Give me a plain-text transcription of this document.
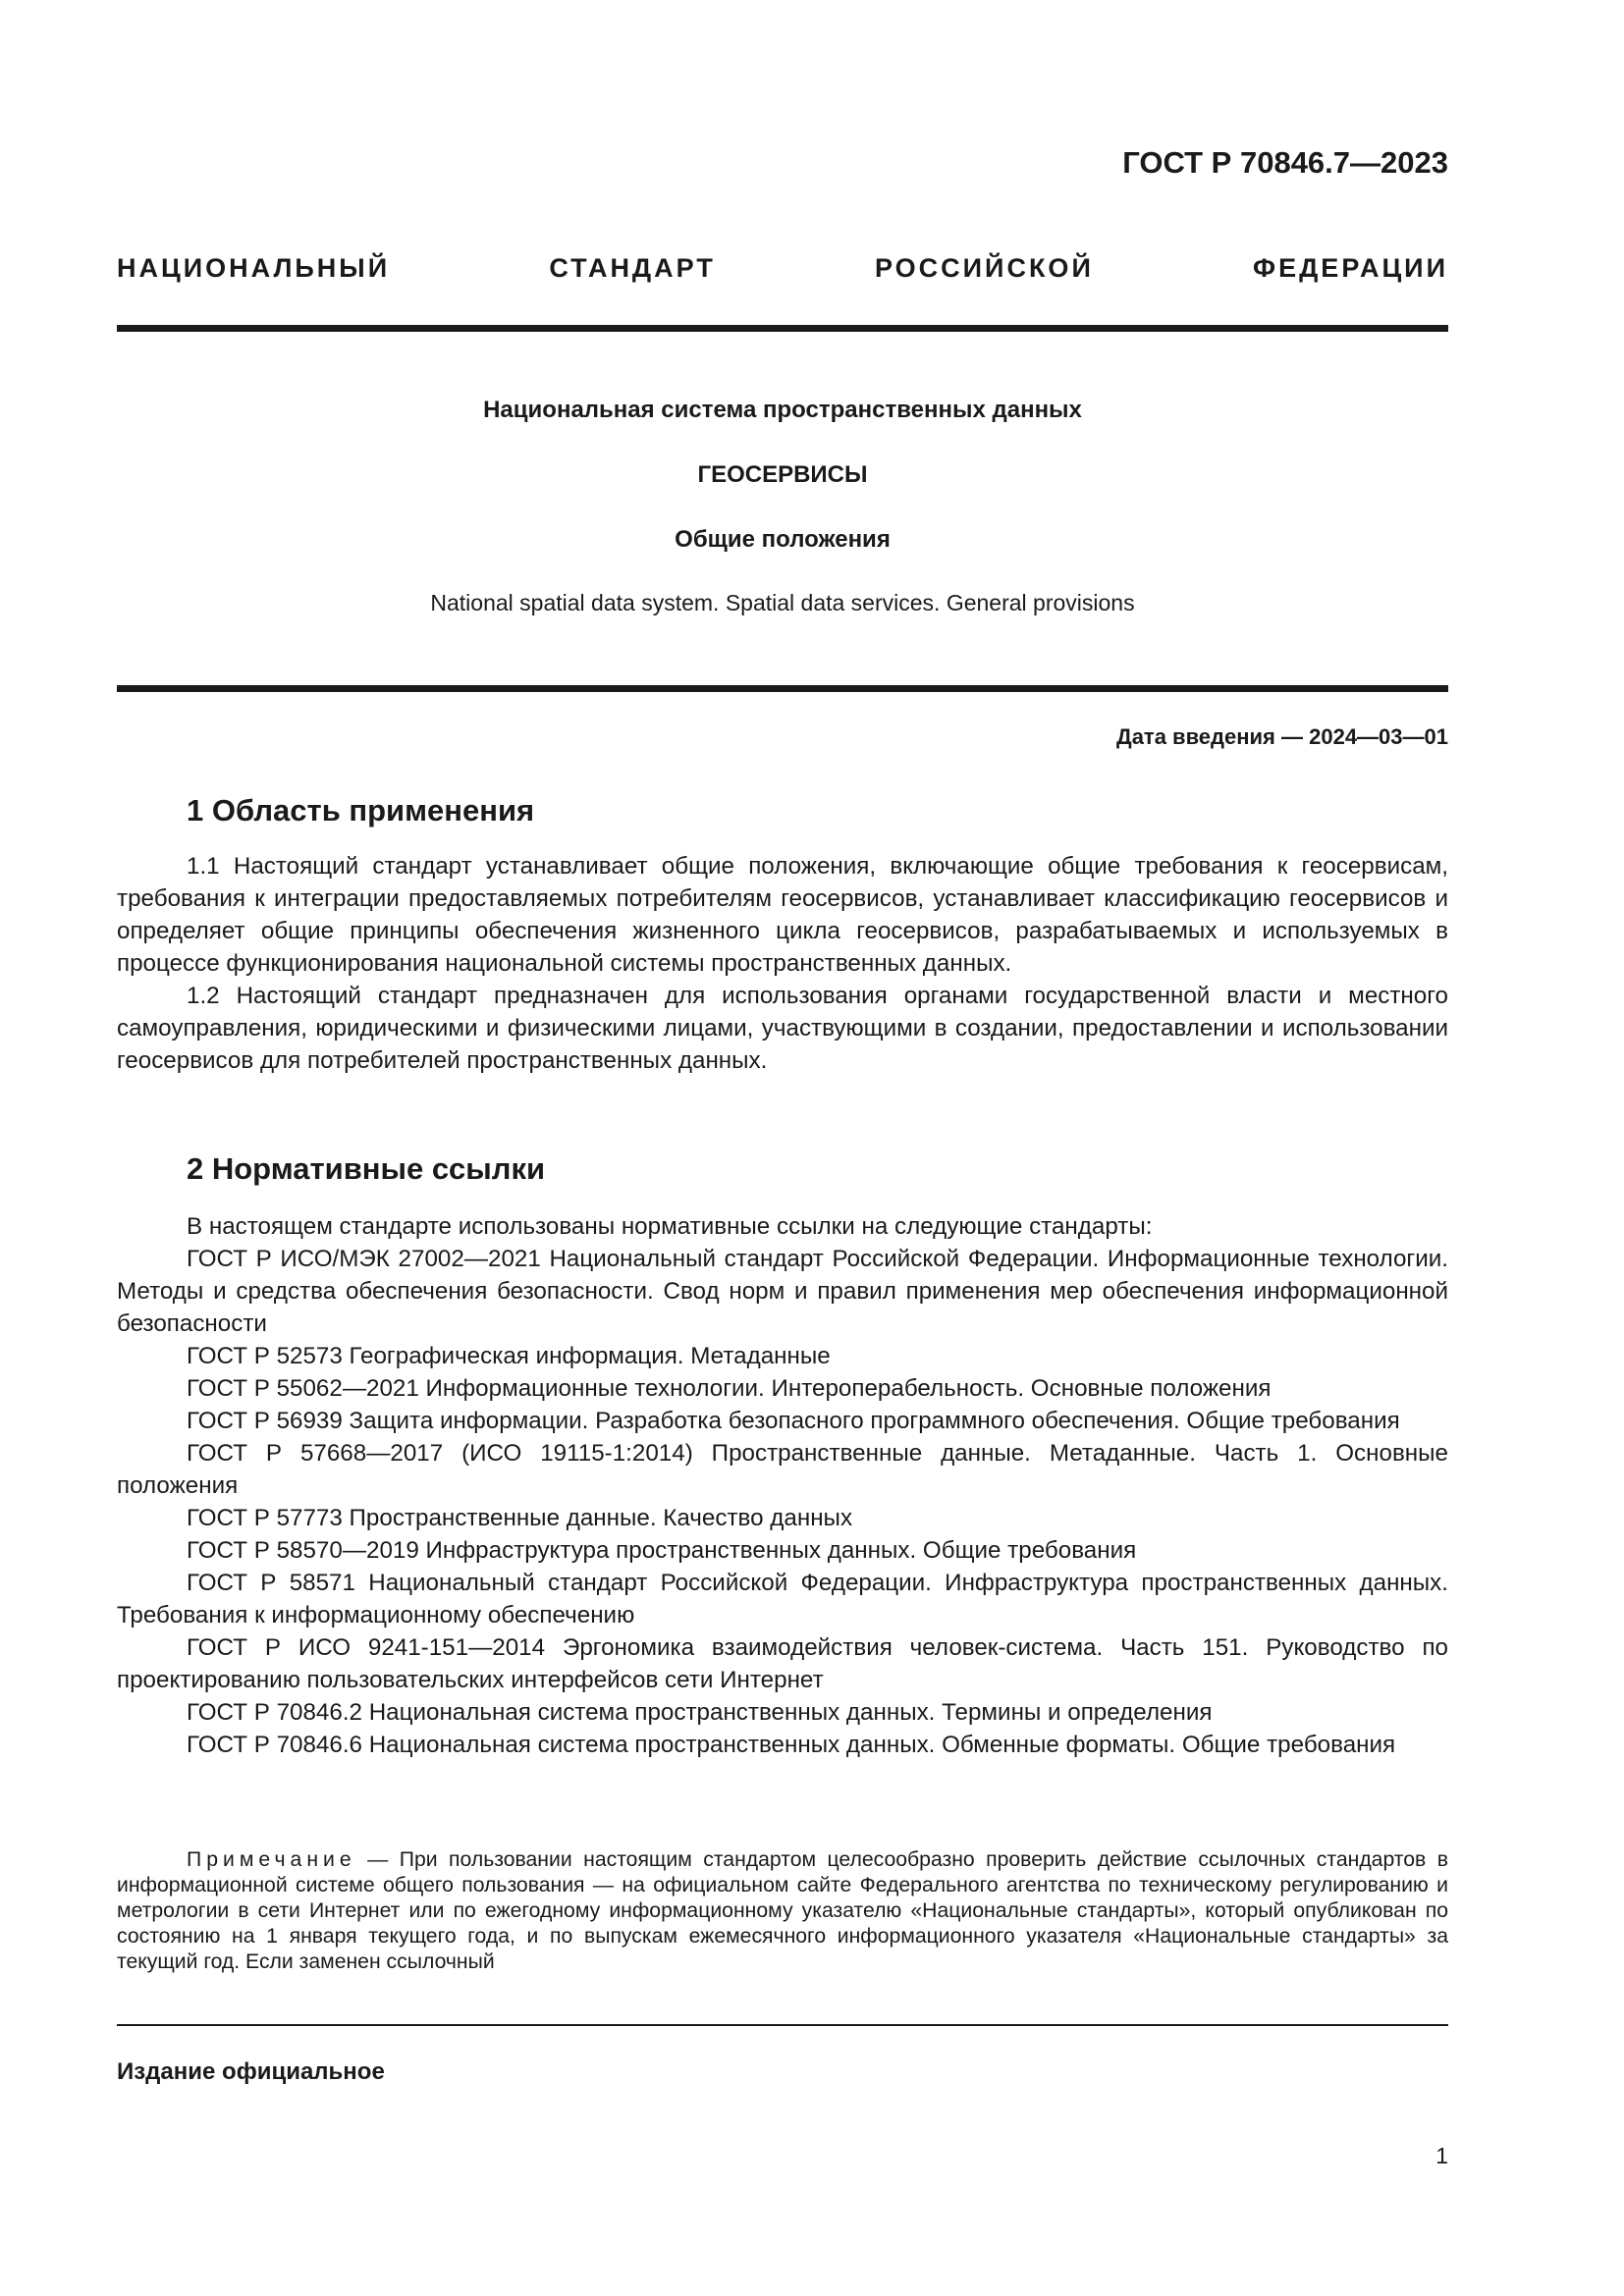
ГОСТ Р 70846.7—2023
НАЦИОНАЛЬНЫЙ СТАНДАРТ РОССИЙСКОЙ ФЕДЕРАЦИИ
Национальная система пространственных данных
ГЕОСЕРВИСЫ
Общие положения
National spatial data system. Spatial data services. General provisions
Дата введения — 2024—03—01
1 Область применения

1.1 Настоящий стандарт устанавливает общие положения, включающие общие требования к геосервисам, требования к интеграции предоставляемых потребителям геосервисов, устанавливает классификацию геосервисов и определяет общие принципы обеспечения жизненного цикла геосервисов, разрабатываемых и используемых в процессе функционирования национальной системы пространственных данных.

1.2 Настоящий стандарт предназначен для использования органами государственной власти и местного самоуправления, юридическими и физическими лицами, участвующими в создании, предоставлении и использовании геосервисов для потребителей пространственных данных.

2 Нормативные ссылки

В настоящем стандарте использованы нормативные ссылки на следующие стандарты:

ГОСТ Р ИСО/МЭК 27002—2021 Национальный стандарт Российской Федерации. Информационные технологии. Методы и средства обеспечения безопасности. Свод норм и правил применения мер обеспечения информационной безопасности

ГОСТ Р 52573 Географическая информация. Метаданные

ГОСТ Р 55062—2021 Информационные технологии. Интероперабельность. Основные положения

ГОСТ Р 56939 Защита информации. Разработка безопасного программного обеспечения. Общие требования

ГОСТ Р 57668—2017 (ИСО 19115-1:2014) Пространственные данные. Метаданные. Часть 1. Основные положения

ГОСТ Р 57773 Пространственные данные. Качество данных

ГОСТ Р 58570—2019 Инфраструктура пространственных данных. Общие требования

ГОСТ Р 58571 Национальный стандарт Российской Федерации. Инфраструктура пространственных данных. Требования к информационному обеспечению

ГОСТ Р ИСО 9241-151—2014 Эргономика взаимодействия человек-система. Часть 151. Руководство по проектированию пользовательских интерфейсов сети Интернет

ГОСТ Р 70846.2 Национальная система пространственных данных. Термины и определения

ГОСТ Р 70846.6 Национальная система пространственных данных. Обменные форматы. Общие требования

Примечание — При пользовании настоящим стандартом целесообразно проверить действие ссылочных стандартов в информационной системе общего пользования — на официальном сайте Федерального агентства по техническому регулированию и метрологии в сети Интернет или по ежегодному информационному указателю «Национальные стандарты», который опубликован по состоянию на 1 января текущего года, и по выпускам ежемесячного информационного указателя «Национальные стандарты» за текущий год. Если заменен ссылочный

Издание официальное
1
